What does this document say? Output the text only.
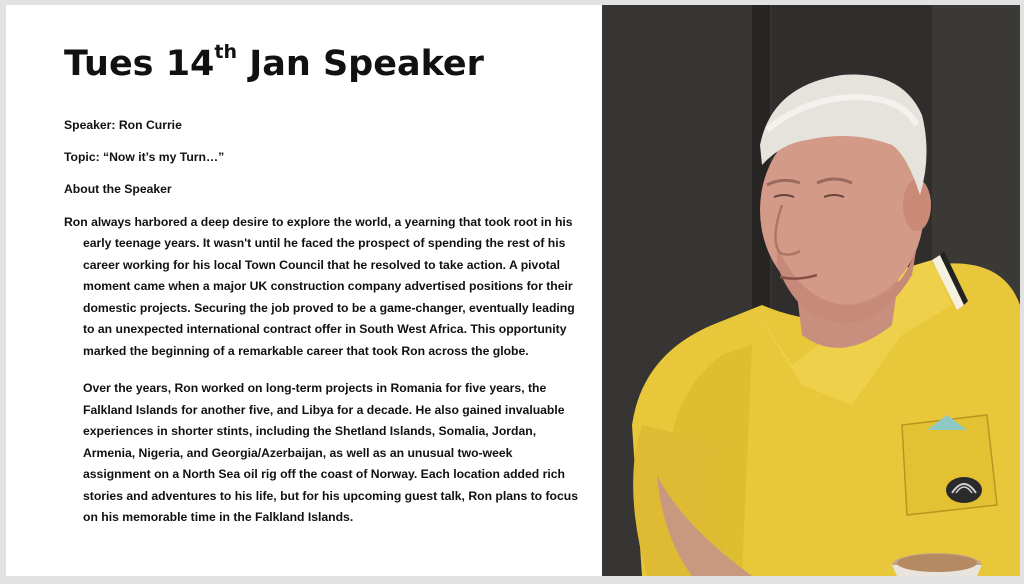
Tues 14th Jan Speaker

Speaker: Ron Currie

Topic: “Now it’s my Turn…”

About the Speaker

Ron always harbored a deep desire to explore the world, a yearning that took root in his early teenage years. It wasn't until he faced the prospect of spending the rest of his career working for his local Town Council that he resolved to take action. A pivotal moment came when a major UK construction company advertised positions for their domestic projects. Securing the job proved to be a game-changer, eventually leading to an unexpected international contract offer in South West Africa. This opportunity marked the beginning of a remarkable career that took Ron across the globe.

Over the years, Ron worked on long-term projects in Romania for five years, the Falkland Islands for another five, and Libya for a decade. He also gained invaluable experiences in shorter stints, including the Shetland Islands, Somalia, Jordan, Armenia, Nigeria, and Georgia/Azerbaijan, as well as an unusual two-week assignment on a North Sea oil rig off the coast of Norway. Each location added rich stories and adventures to his life, but for his upcoming guest talk, Ron plans to focus on his memorable time in the Falkland Islands.
